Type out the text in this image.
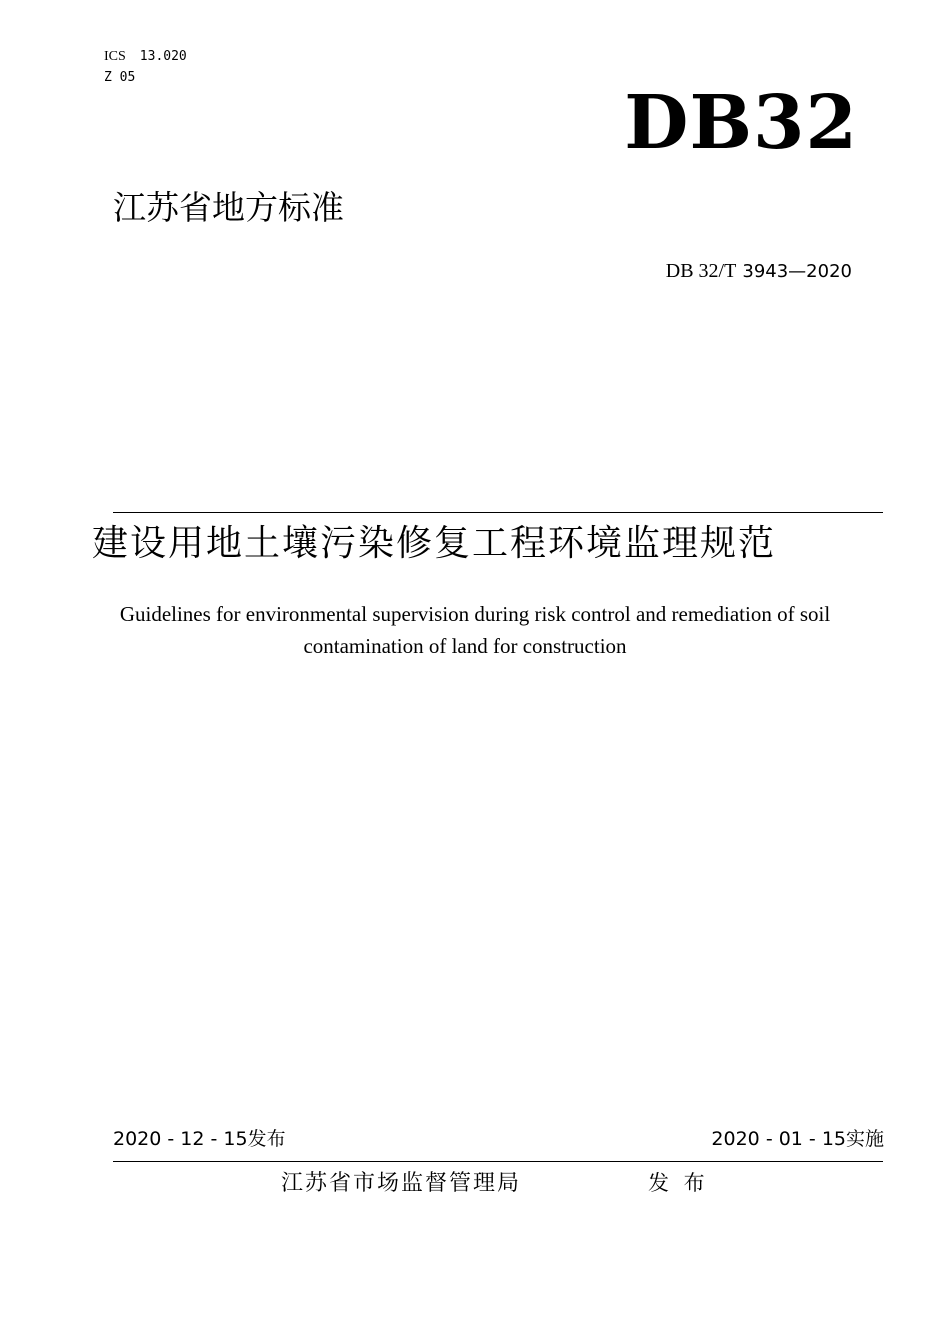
ICS 13.020
Z 05
DB32
江苏省地方标准
DB 32/T 3943—2020
建设用地土壤污染修复工程环境监理规范
Guidelines for environmental supervision during risk control and remediation of soil
contamination of land for construction
2020 - 12 - 15发布	2020 - 01 - 15实施
江苏省市场监督管理局	发 布
